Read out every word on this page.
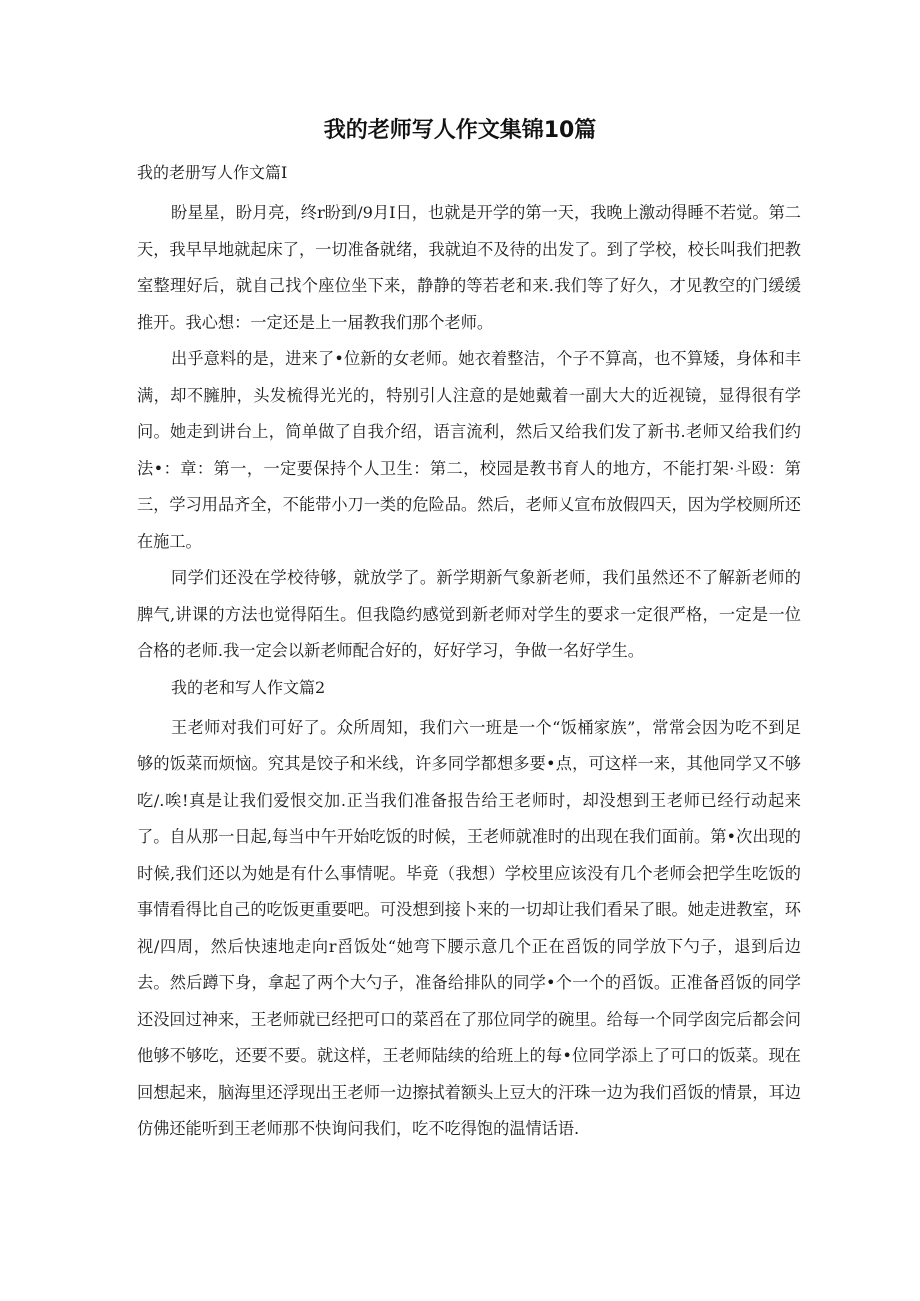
我的老师写人作文集锦10篇
我的老册写人作文篇I

盼星星，盼月亮，终r盼到/9月I日，也就是开学的第一天，我晚上激动得睡不若觉。第二天，我早早地就起床了，一切准备就绪，我就迫不及待的出发了。到了学校，校长叫我们把教室整理好后，就自己找个座位坐下来，静静的等若老和来.我们等了好久，才见教空的门缓缓推开。我心想：一定还是上一届教我们那个老师。

出乎意料的是，进来了•位新的女老师。她衣着整洁，个子不算高，也不算矮，身体和丰满，却不臃肿，头发梳得光光的，特别引人注意的是她戴着一副大大的近视镜，显得很有学问。她走到讲台上，简单做了自我介绍，语言流利，然后又给我们发了新书.老师又给我们约法•：章：第一，一定要保持个人卫生：第二，校园是教书育人的地方，不能打架·斗殴：第三，学习用品齐全，不能带小刀一类的危险品。然后，老师乂宣布放假四天，因为学校厕所还在施工。

同学们还没在学校待够，就放学了。新学期新气象新老师，我们虽然还不了解新老师的脾气,讲课的方法也觉得陌生。但我隐约感觉到新老师对学生的要求一定很严格，一定是一位合格的老师.我一定会以新老师配合好的，好好学习，争做一名好学生。

我的老和写人作文篇2

王老师对我们可好了。众所周知，我们六一班是一个“饭桶家族”，常常会因为吃不到足够的饭菜而烦恼。究其是饺子和米线，许多同学都想多要•点，可这样一来，其他同学又不够吃/.唉!真是让我们爱恨交加.正当我们准备报告给王老师时，却没想到王老师已经行动起来了。自从那一日起,每当中午开始吃饭的时候，王老师就准时的出现在我们面前。第•次出现的时候,我们还以为她是有什么事情呢。毕竟（我想）学校里应该没有几个老师会把学生吃饭的事情看得比自己的吃饭更重要吧。可没想到接卜来的一切却让我们看呆了眼。她走进教室，环视/四周，然后快速地走向r舀饭处“她弯下腰示意几个正在舀饭的同学放下勺子，退到后边去。然后蹲下身，拿起了两个大勺子，准备给排队的同学•个一个的舀饭。正准备舀饭的同学还没回过神来，王老师就已经把可口的菜舀在了那位同学的碗里。给每一个同学囱完后都会问他够不够吃，还要不要。就这样，王老师陆续的给班上的每•位同学添上了可口的饭菜。现在回想起来，脑海里还浮现出王老师一边擦拭着额头上豆大的汗珠一边为我们舀饭的情景，耳边仿佛还能听到王老师那不快询问我们，吃不吃得饱的温情话语.
